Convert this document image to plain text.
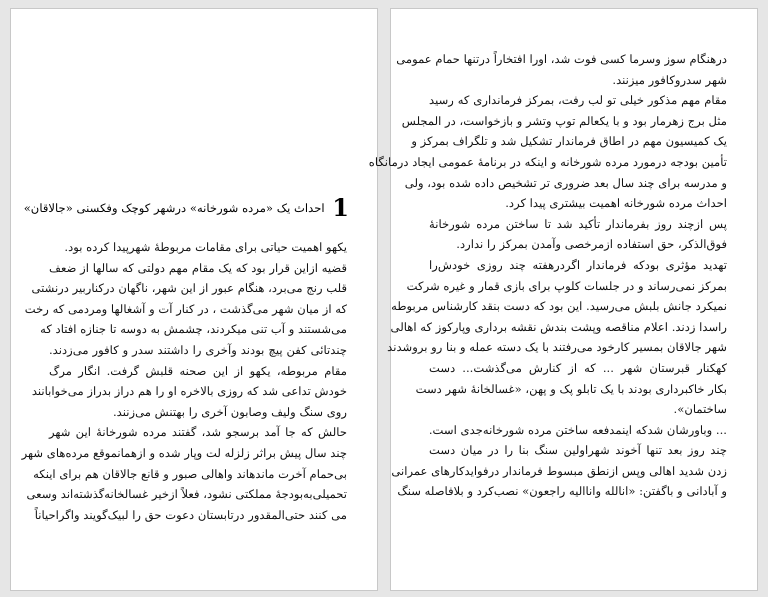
1 احداث یک «مرده شورخانه» درشهر کوچک وفکسنی «جالاقان»
یکهو اهمیت حیاتی برای مقامات مربوطهٔ شهرپیدا کرده بود.
قضیه ازاین قرار بود که یک مقام مهم دولتی که سالها از ضعف
قلب رنج می‌برد، هنگام عبور از این شهر، ناگهان درکناربیر درنشتی
که از میان شهر می‌گذشت ، در کنار آت و آشغالها ومردمی که رخت
می‌شستند و آب تنی میکردند، چشمش به دوسه تا جنازه افتاد که
چندتائی کفن پیچ بودند وآخری را داشتند سدر و کافور می‌زدند.
مقام مربوطه، یکهو از این صحنه قلبش گرفت. انگار مرگ
خودش تداعی شد که روزی بالاخره او را هم دراز بدراز می‌خوابانند
روی سنگ ولیف وصابون آخری را بهتنش می‌زنند.
حالش که جا آمد برسجو شد، گفتند مرده شورخانهٔ این شهر
چند سال پیش براثر زلزله لت وپار شده و ازهمانموقع مرده‌های شهر
بی‌حمام آخرت ماندهاند واهالی صبور و قانع جالاقان هم برای اینکه
تحمیلی‌به‌بودجهٔ مملکتی نشود، فعلاً ازخیر غسالخانه‌گذشته‌اند وسعی
می کنند حتی‌المقدور درتابستان دعوت حق را لبیک‌گویند واگراحیاناً
درهنگام سوز وسرما کسی فوت شد، اورا افتخاراً درتنها حمام عمومی
شهر سدروکافور میزنند.
مقام مهم مذکور خیلی تو لب رفت، بمرکز فرمانداری که رسید
مثل برج زهرمار بود و با یکعالم توپ وتشر و بازخواست، در المجلس
یک کمیسیون مهم در اطاق فرماندار تشکیل شد و تلگراف بمرکز و
تأمین بودجه درمورد مرده شورخانه و اینکه در برنامهٔ عمومی ایجاد درمانگاه
و مدرسه برای چند سال بعد ضروری تر تشخیص داده شده بود، ولی
احداث مرده شورخانه اهمیت بیشتری پیدا کرد.
پس ازچند روز بفرماندار تأکید شد تا ساختن مرده شورخانهٔ
فوق‌الذکر، حق استفاده ازمرخصی وآمدن بمرکز را ندارد.
تهدید مؤثری بودکه فرماندار اگردرهفته چند روزی خودش‌را
بمرکز نمی‌رساند و در جلسات کلوپ برای بازی قمار و غیره شرکت
نمیکرد جانش بلبش می‌رسید. این بود که دست بنقد کارشناس مربوطه
راسدا زدند. اعلام مناقصه وپشت بندش نقشه برداری وپارکوز که اهالی
شهر جالاقان بمسیر کارخود می‌رفتند با یک دسته عمله و بنا رو بروشدند
کهکنار قبرستان شهر ... که از کنارش می‌گذشت... دست
بکار خاکبرداری بودند با یک تابلو پک و پهن، «غسالخانهٔ شهر دست
ساختمان».
... وباورشان شدکه اینمدفعه ساختن مرده شورخانه‌جدی است.
چند روز بعد تنها آخوند شهراولین سنگ بنا را در میان دست
زدن شدید اهالی وپس ازنطق مبسوط فرماندار درفوایدکارهای عمرانی
و آبادانی و باگفتن: «انالله وانااليه راجعون» نصب‌کرد و بلافاصله سنگ
